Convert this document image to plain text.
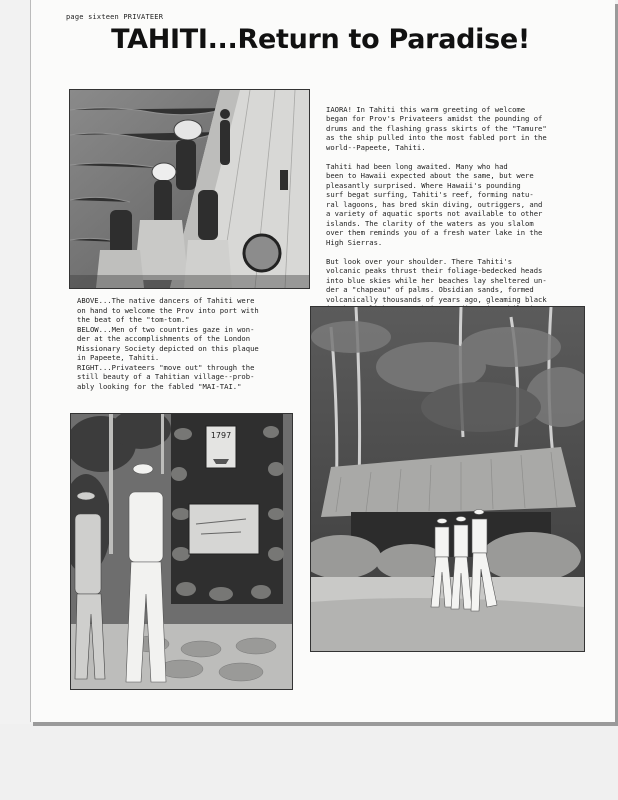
page sixteen PRIVATEER
TAHITI...Return to Paradise!

IAORA! In Tahiti this warm greeting of welcome
began for Prov's Privateers amidst the pounding of
drums and the flashing grass skirts of the "Tamure"
as the ship pulled into the most fabled port in the
world--Papeete, Tahiti.

Tahiti had been long awaited. Many who had
been to Hawaii expected about the same, but were
pleasantly surprised. Where Hawaii's pounding
surf begat surfing, Tahiti's reef, forming natu-
ral lagoons, has bred skin diving, outriggers, and
a variety of aquatic sports not available to other
islands. The clarity of the waters as you slalom
over them reminds you of a fresh water lake in the
High Sierras.

But look over your shoulder. There Tahiti's
volcanic peaks thrust their foliage-bedecked heads
into blue skies while her beaches lay sheltered un-
der a "chapeau" of palms. Obsidian sands, formed
volcanically thousands of years ago, gleaming black

ABOVE...The native dancers of Tahiti were
on hand to welcome the Prov into port with
the beat of the "tom-tom."
BELOW...Men of two countries gaze in won-
der at the accomplishments of the London
Missionary Society depicted on this plaque
in Papeete, Tahiti.
RIGHT...Privateers "move out" through the
still beauty of a Tahitian village--prob-
ably looking for the fabled "MAI-TAI."
1797
